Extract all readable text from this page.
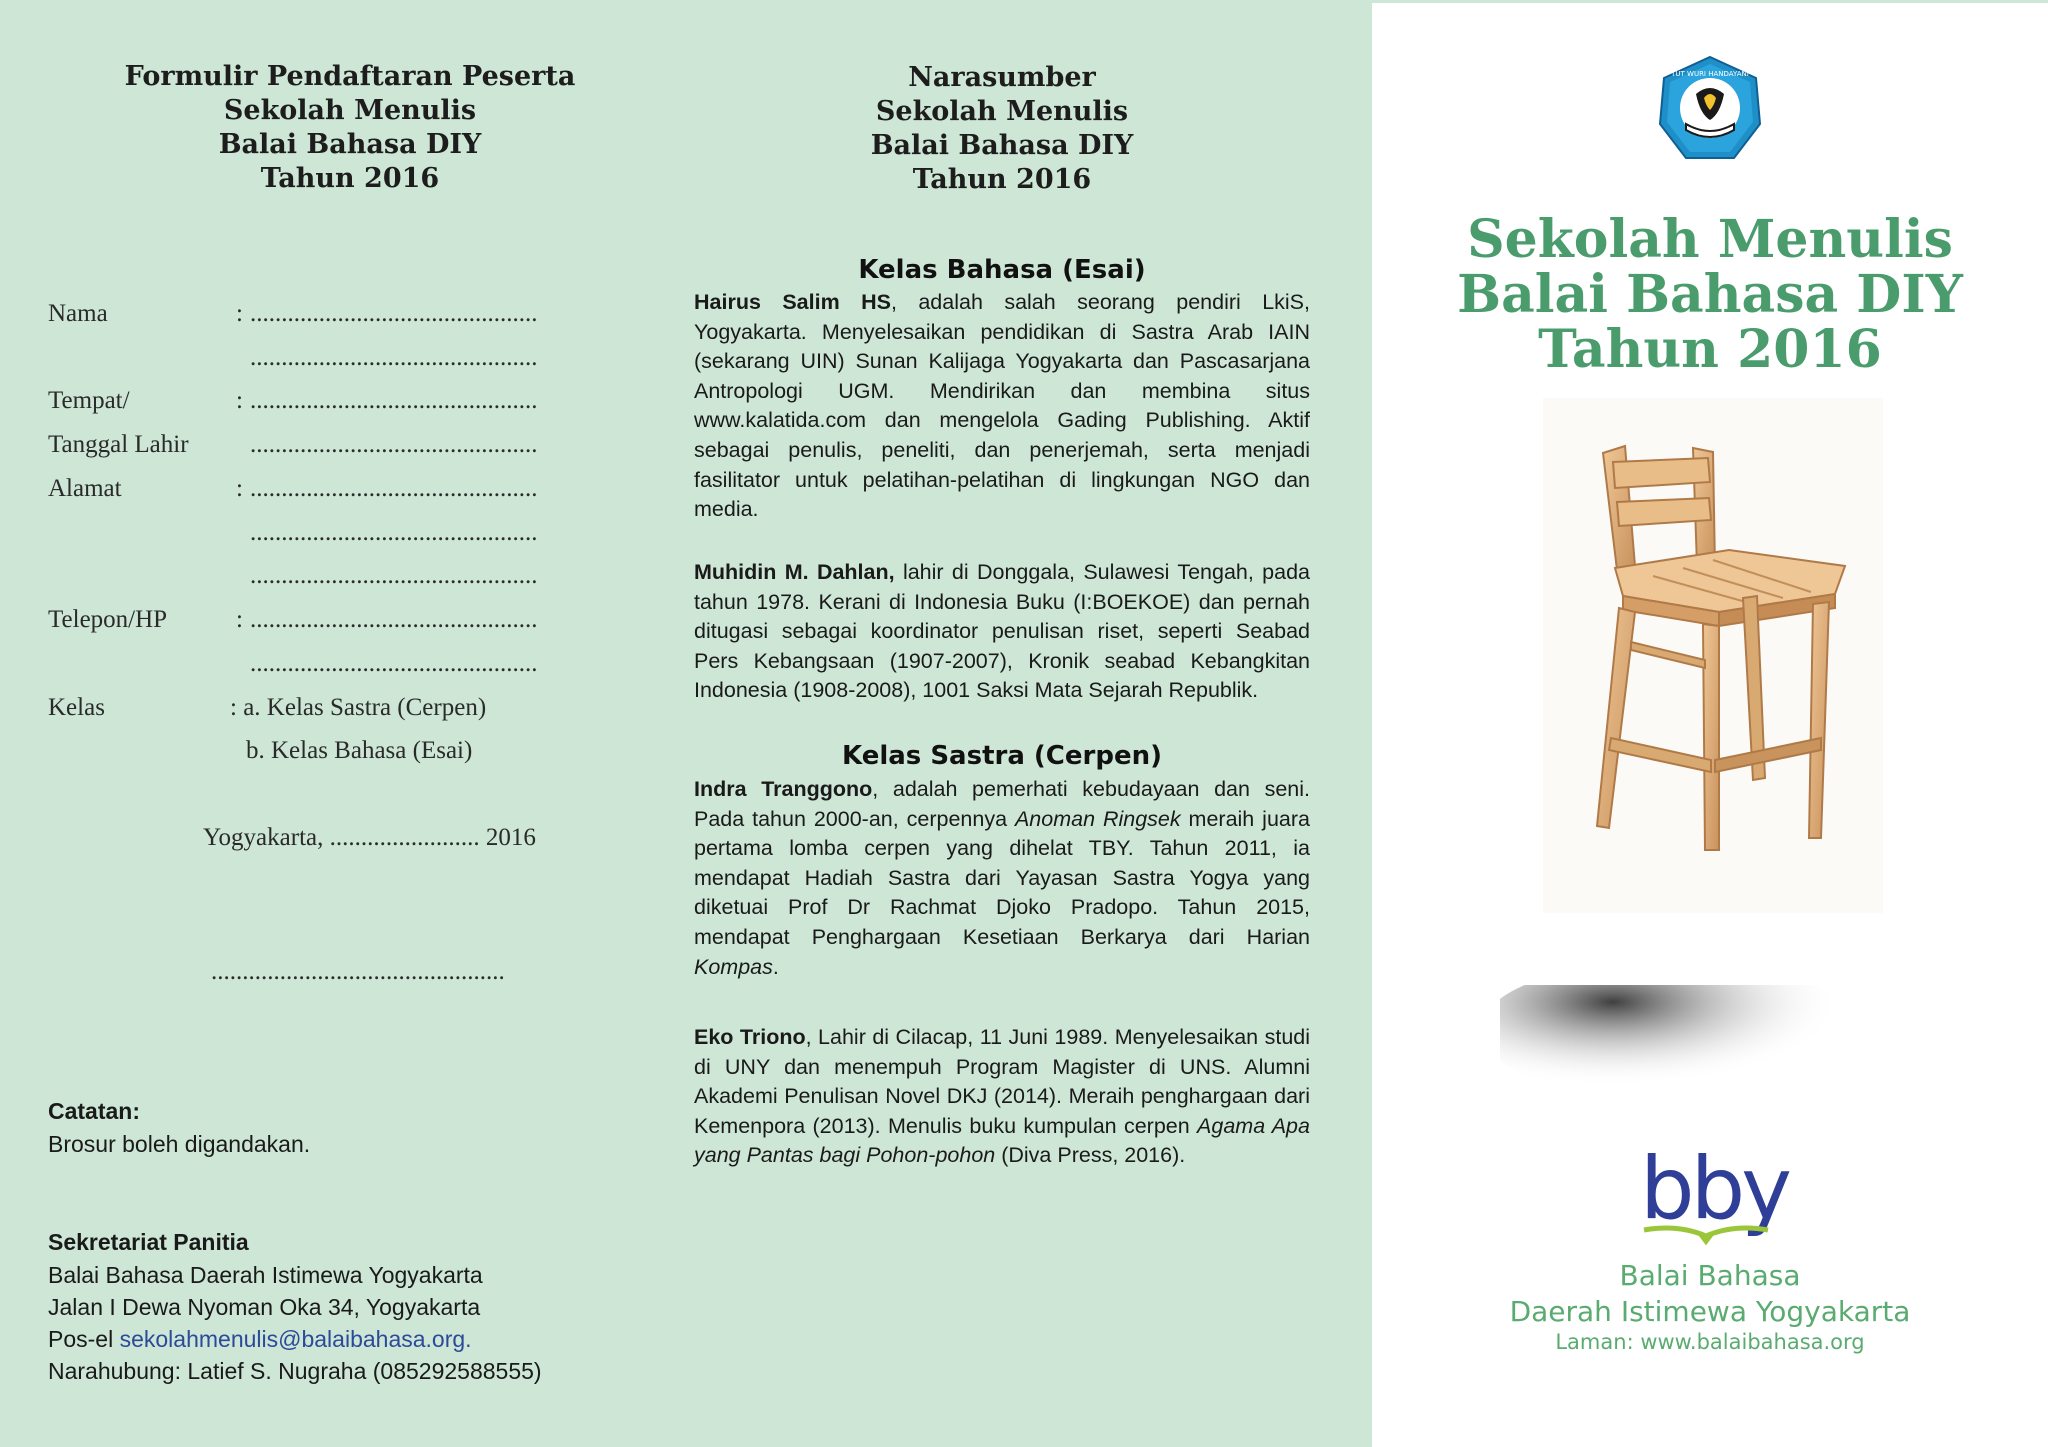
Formulir Pendaftaran Peserta
Sekolah Menulis
Balai Bahasa DIY
Tahun 2016
Nama	: ..............................................
..............................................
Tempat/	: ..............................................
Tanggal Lahir ..............................................
Alamat	: ..............................................
..............................................
..............................................
Telepon/HP	: ..............................................
..............................................
Kelas	: a. Kelas Sastra (Cerpen)
b. Kelas Bahasa (Esai)
Yogyakarta, ........................ 2016
...............................................
Catatan:
Brosur boleh digandakan.
Sekretariat Panitia
Balai Bahasa Daerah Istimewa Yogyakarta
Jalan I Dewa Nyoman Oka 34, Yogyakarta
Pos-el sekolahmenulis@balaibahasa.org.
Narahubung: Latief S. Nugraha (085292588555)
Narasumber
Sekolah Menulis
Balai Bahasa DIY
Tahun 2016
Kelas Bahasa (Esai)
Hairus Salim HS, adalah salah seorang pendiri LkiS, Yogyakarta. Menyelesaikan pendidikan di Sastra Arab IAIN (sekarang UIN) Sunan Kalijaga Yogyakarta dan Pascasarjana Antropologi UGM. Mendirikan dan membina situs www.kalatida.com dan mengelola Gading Publishing. Aktif sebagai penulis, peneliti, dan penerjemah, serta menjadi fasilitator untuk pelatihan-pelatihan di lingkungan NGO dan media.
Muhidin M. Dahlan, lahir di Donggala, Sulawesi Tengah, pada tahun 1978. Kerani di Indonesia Buku (I:BOEKOE) dan pernah ditugasi sebagai koordinator penulisan riset, seperti Seabad Pers Kebangsaan (1907-2007), Kronik seabad Kebangkitan Indonesia (1908-2008), 1001 Saksi Mata Sejarah Republik.
Kelas Sastra (Cerpen)
Indra Tranggono, adalah pemerhati kebudayaan dan seni. Pada tahun 2000-an, cerpennya Anoman Ringsek meraih juara pertama lomba cerpen yang dihelat TBY. Tahun 2011, ia mendapat Hadiah Sastra dari Yayasan Sastra Yogya yang diketuai Prof Dr Rachmat Djoko Pradopo. Tahun 2015, mendapat Penghargaan Kesetiaan Berkarya dari Harian Kompas.
Eko Triono, Lahir di Cilacap, 11 Juni 1989. Menyelesaikan studi di UNY dan menempuh Program Magister di UNS. Alumni Akademi Penulisan Novel DKJ (2014). Meraih penghargaan dari Kemenpora (2013). Menulis buku kumpulan cerpen Agama Apa yang Pantas bagi Pohon-pohon (Diva Press, 2016).
TUT WURI HANDAYANI
Sekolah Menulis
Balai Bahasa DIY
Tahun 2016
bby
Balai Bahasa
Daerah Istimewa Yogyakarta
Laman: www.balaibahasa.org
